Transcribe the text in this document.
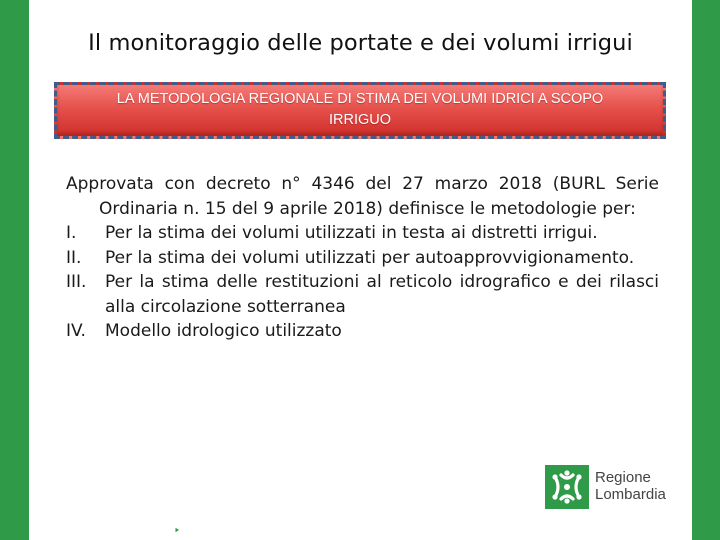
Il monitoraggio delle portate e dei volumi irrigui
LA METODOLOGIA REGIONALE DI STIMA DEI VOLUMI IDRICI A SCOPO
IRRIGUO

Approvata con decreto n° 4346 del 27 marzo 2018 (BURL Serie Ordinaria n. 15 del 9 aprile 2018) definisce le metodologie per:

I.	Per la stima dei volumi utilizzati in testa ai distretti irrigui.
II.	Per la stima dei volumi utilizzati per autoapprovvigionamento.
III.	Per la stima delle restituzioni al reticolo idrografico e dei rilasci alla circolazione sotterranea
IV.	Modello idrologico utilizzato
Regione
Lombardia
www.regione.lombardia.it
